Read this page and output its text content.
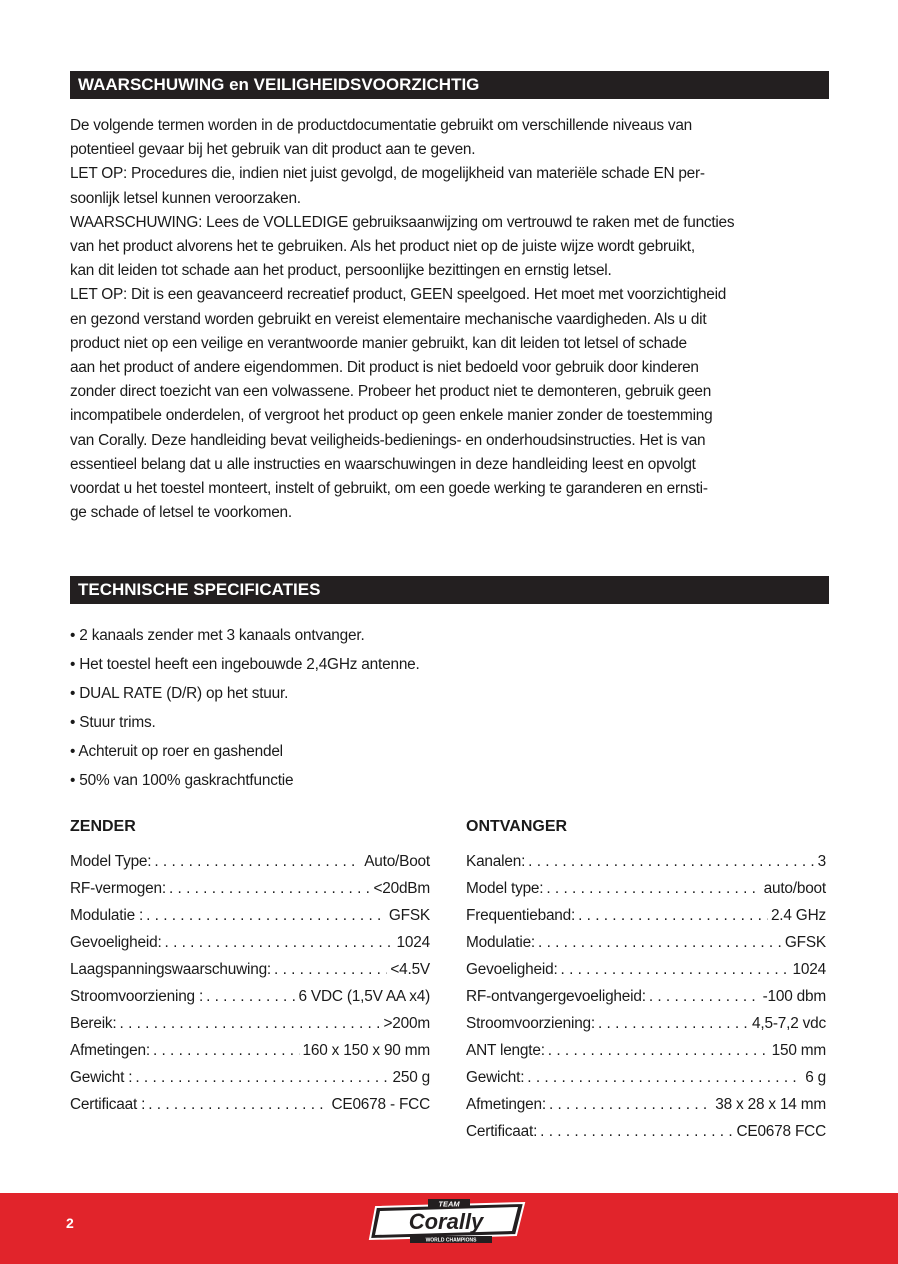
WAARSCHUWING en VEILIGHEIDSVOORZICHTIG

De volgende termen worden in de productdocumentatie gebruikt om verschillende niveaus van
potentieel gevaar bij het gebruik van dit product aan te geven.

LET OP: Procedures die, indien niet juist gevolgd, de mogelijkheid van materiële schade EN per-
soonlijk letsel kunnen veroorzaken.

WAARSCHUWING: Lees de VOLLEDIGE gebruiksaanwijzing om vertrouwd te raken met de functies
van het product alvorens het te gebruiken. Als het product niet op de juiste wijze wordt gebruikt,
kan dit leiden tot schade aan het product, persoonlijke bezittingen en ernstig letsel.

LET OP: Dit is een geavanceerd recreatief product, GEEN speelgoed. Het moet met voorzichtigheid
en gezond verstand worden gebruikt en vereist elementaire mechanische vaardigheden. Als u dit
product niet op een veilige en verantwoorde manier gebruikt, kan dit leiden tot letsel of schade
aan het product of andere eigendommen. Dit product is niet bedoeld voor gebruik door kinderen
zonder direct toezicht van een volwassene. Probeer het product niet te demonteren, gebruik geen
incompatibele onderdelen, of vergroot het product op geen enkele manier zonder de toestemming
van Corally. Deze handleiding bevat veiligheids-bedienings- en onderhoudsinstructies. Het is van
essentieel belang dat u alle instructies en waarschuwingen in deze handleiding leest en opvolgt
voordat u het toestel monteert, instelt of gebruikt, om een goede werking te garanderen en ernsti-
ge schade of letsel te voorkomen.

TECHNISCHE SPECIFICATIES
• 2 kanaals zender met 3 kanaals ontvanger.
• Het toestel heeft een ingebouwde 2,4GHz antenne.
• DUAL RATE (D/R) op het stuur.
• Stuur trims.
• Achteruit op roer en gashendel
• 50% van 100% gaskrachtfunctie
ZENDER	ONTVANGER
Model Type: . . .	Auto/Boot
RF-vermogen: . . .	<20dBm
Modulatie : . . .	GFSK
Gevoeligheid: . . .	1024
Laagspanningswaarschuwing: . . .	<4.5V
Stroomvoorziening : . . .	6 VDC (1,5V AA x4)
Bereik: . . .	>200m
Afmetingen: . . .	160 x 150 x 90 mm
Gewicht : . . .	250 g
Certificaat : . . .	CE0678 - FCC
Kanalen: . . .	3
Model type: . . .	auto/boot
Frequentieband: . . .	2.4 GHz
Modulatie: . . .	GFSK
Gevoeligheid: . . .	1024
RF-ontvangergevoeligheid: . . .	-100 dbm
Stroomvoorziening: . . .	4,5-7,2 vdc
ANT lengte: . . .	150 mm
Gewicht: . . .	6 g
Afmetingen: . . .	38 x 28 x 14 mm
Certificaat: . . .	CE0678 FCC
2
TEAM
Corally
WORLD CHAMPIONS
